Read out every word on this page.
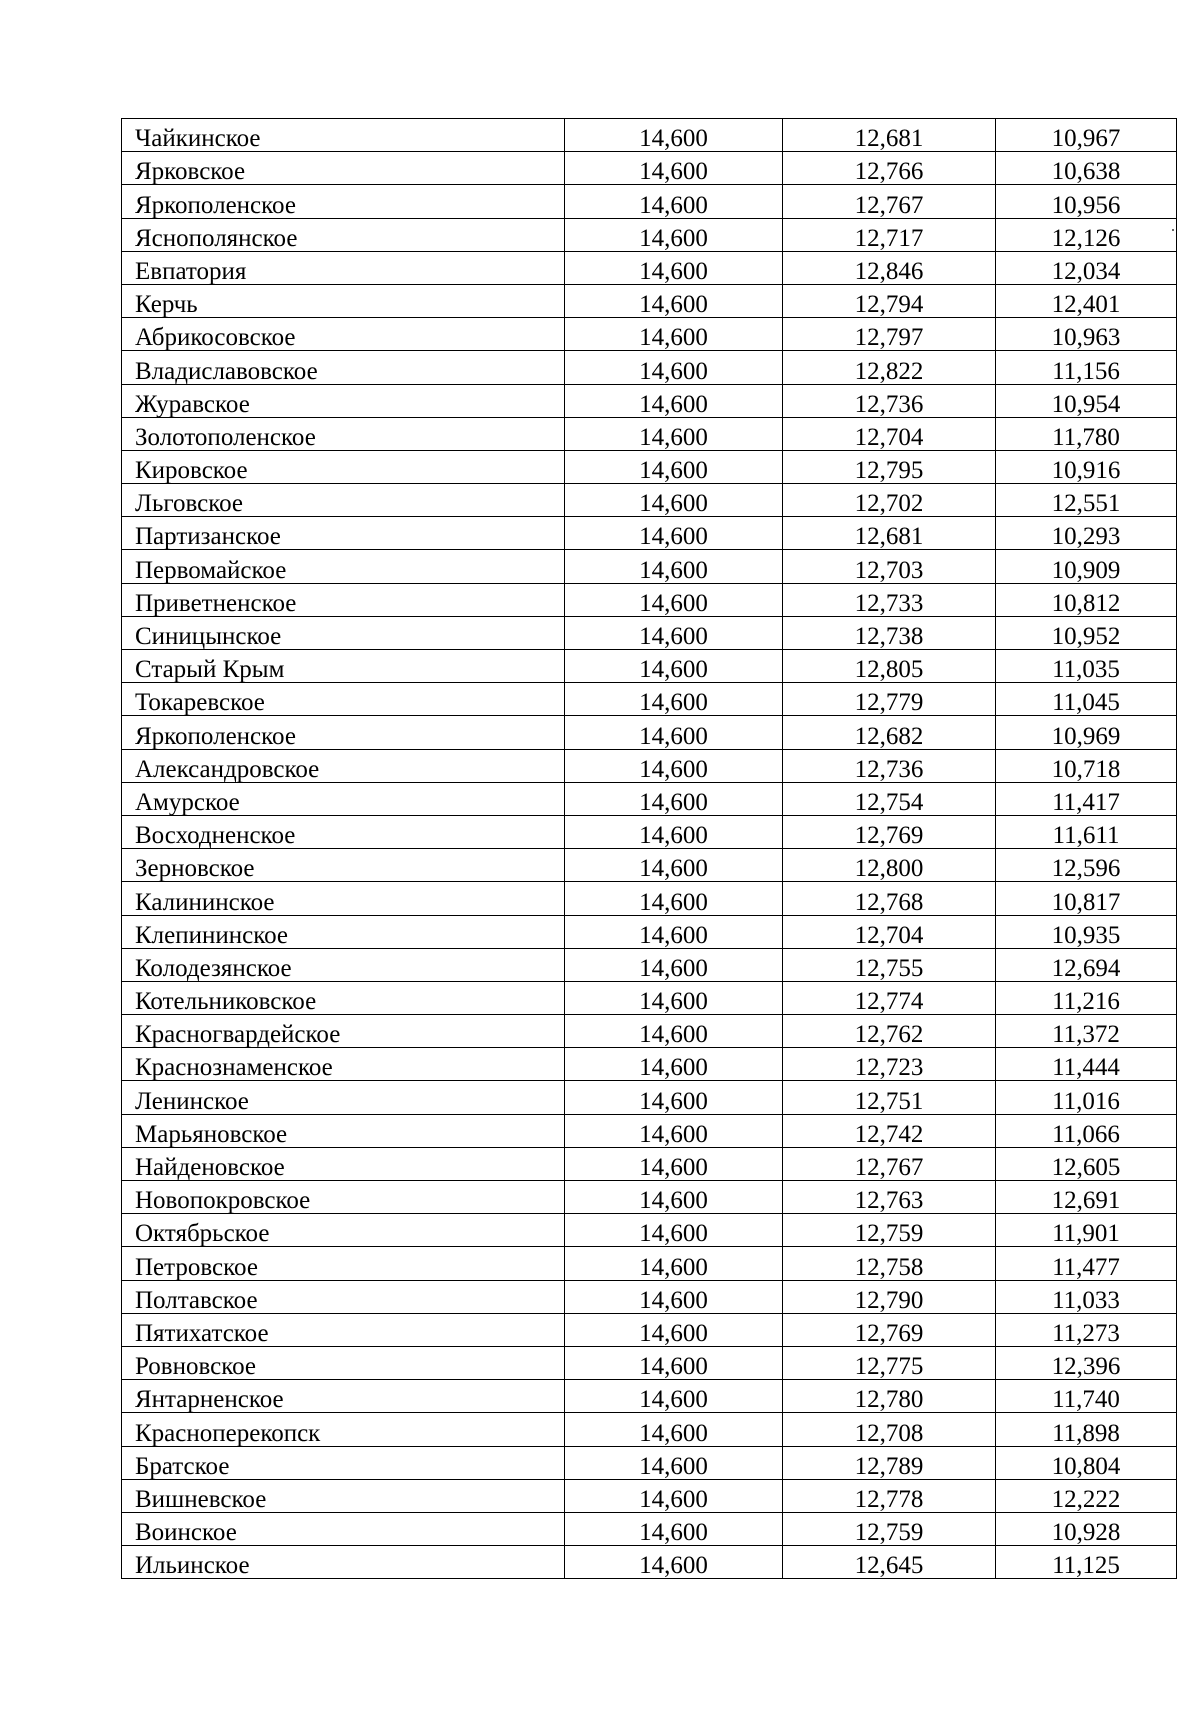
Чайкинское	14,600	12,681	10,967
Ярковское	14,600	12,766	10,638
Яркополенское	14,600	12,767	10,956
Яснополянское	14,600	12,717	12,126
Евпатория	14,600	12,846	12,034
Керчь	14,600	12,794	12,401
Абрикосовское	14,600	12,797	10,963
Владиславовское	14,600	12,822	11,156
Журавское	14,600	12,736	10,954
Золотополенское	14,600	12,704	11,780
Кировское	14,600	12,795	10,916
Льговское	14,600	12,702	12,551
Партизанское	14,600	12,681	10,293
Первомайское	14,600	12,703	10,909
Приветненское	14,600	12,733	10,812
Синицынское	14,600	12,738	10,952
Старый Крым	14,600	12,805	11,035
Токаревское	14,600	12,779	11,045
Яркополенское	14,600	12,682	10,969
Александровское	14,600	12,736	10,718
Амурское	14,600	12,754	11,417
Восходненское	14,600	12,769	11,611
Зерновское	14,600	12,800	12,596
Калининское	14,600	12,768	10,817
Клепининское	14,600	12,704	10,935
Колодезянское	14,600	12,755	12,694
Котельниковское	14,600	12,774	11,216
Красногвардейское	14,600	12,762	11,372
Краснознаменское	14,600	12,723	11,444
Ленинское	14,600	12,751	11,016
Марьяновское	14,600	12,742	11,066
Найденовское	14,600	12,767	12,605
Новопокровское	14,600	12,763	12,691
Октябрьское	14,600	12,759	11,901
Петровское	14,600	12,758	11,477
Полтавское	14,600	12,790	11,033
Пятихатское	14,600	12,769	11,273
Ровновское	14,600	12,775	12,396
Янтарненское	14,600	12,780	11,740
Красноперекопск	14,600	12,708	11,898
Братское	14,600	12,789	10,804
Вишневское	14,600	12,778	12,222
Воинское	14,600	12,759	10,928
Ильинское	14,600	12,645	11,125
